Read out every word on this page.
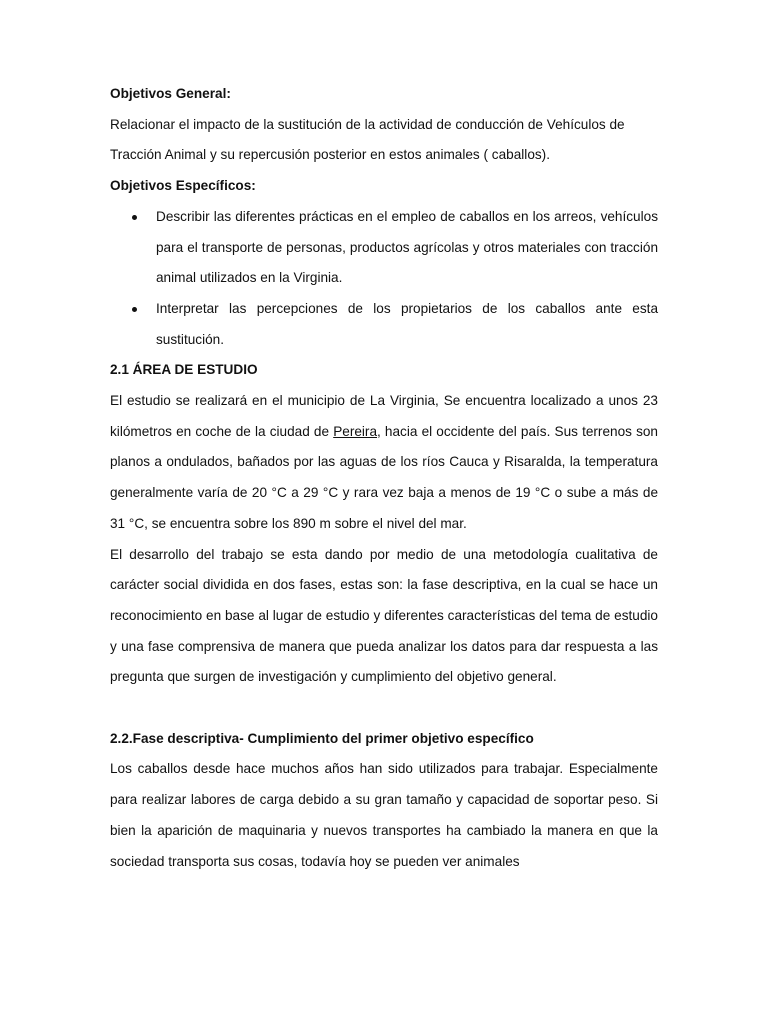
Objetivos General:

Relacionar el impacto de la sustitución de la actividad de conducción de Vehículos de Tracción Animal y su repercusión posterior en estos animales ( caballos).

Objetivos Específicos:

Describir las diferentes prácticas en el empleo de caballos en los arreos, vehículos para el transporte de personas, productos agrícolas y otros materiales con tracción animal utilizados en la Virginia.
Interpretar las percepciones de los propietarios de los caballos ante esta sustitución.

2.1 ÁREA DE ESTUDIO

El estudio se realizará en el municipio de La Virginia, Se encuentra localizado a unos 23 kilómetros en coche de la ciudad de Pereira, hacia el occidente del país. Sus terrenos son planos a ondulados, bañados por las aguas de los ríos Cauca y Risaralda, la temperatura generalmente varía de 20 °C a 29 °C y rara vez baja a menos de 19 °C o sube a más de 31 °C, se encuentra sobre los 890 m sobre el nivel del mar.

El desarrollo del trabajo se esta dando por medio de una metodología cualitativa de carácter social dividida en dos fases, estas son: la fase descriptiva, en la cual se hace un reconocimiento en base al lugar de estudio y diferentes características del tema de estudio y una fase comprensiva de manera que pueda analizar los datos para dar respuesta a las pregunta que surgen de investigación y cumplimiento del objetivo general.

2.2.Fase descriptiva- Cumplimiento del primer objetivo específico

Los caballos desde hace muchos años han sido utilizados para trabajar. Especialmente para realizar labores de carga debido a su gran tamaño y capacidad de soportar peso. Si bien la aparición de maquinaria y nuevos transportes ha cambiado la manera en que la sociedad transporta sus cosas, todavía hoy se pueden ver animales
